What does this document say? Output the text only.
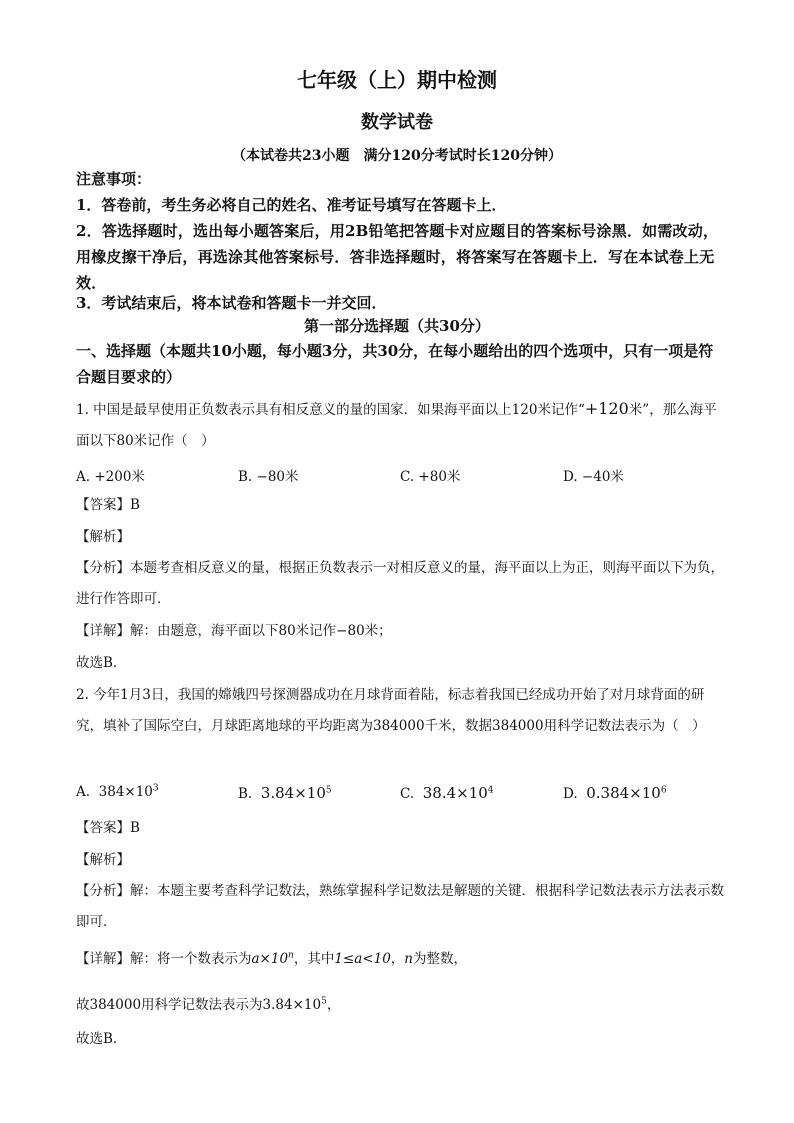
七年级（上）期中检测
数学试卷
（本试卷共23小题　满分120分考试时长120分钟）
注意事项：
1．答卷前，考生务必将自己的姓名、准考证号填写在答题卡上．
2．答选择题时，选出每小题答案后，用2B铅笔把答题卡对应题目的答案标号涂黑．如需改动，用橡皮擦干净后，再选涂其他答案标号．答非选择题时，将答案写在答题卡上．写在本试卷上无效．
3．考试结束后，将本试卷和答题卡一并交回．
第一部分选择题（共30分）
一、选择题（本题共10小题，每小题3分，共30分，在每小题给出的四个选项中，只有一项是符合题目要求的）
1. 中国是最早使用正负数表示具有相反意义的量的国家．如果海平面以上120米记作“+120米”，那么海平面以下80米记作（　）
A. +200米	B. −80米	C. +80米	D. −40米
【答案】B
【解析】
【分析】本题考查相反意义的量，根据正负数表示一对相反意义的量，海平面以上为正，则海平面以下为负，进行作答即可．
【详解】解：由题意，海平面以下80米记作−80米；
故选B．
2. 今年1月3日，我国的嫦娥四号探测器成功在月球背面着陆，标志着我国已经成功开始了对月球背面的研究，填补了国际空白，月球距离地球的平均距离为384000千米，数据384000用科学记数法表示为（　）
A. $384\times 10^3$	B. $3.84\times 10^5$	C. $38.4\times 10^4$	D. $0.384\times 10^6$
【答案】B
【解析】
【分析】解：本题主要考查科学记数法，熟练掌握科学记数法是解题的关键．根据科学记数法表示方法表示数即可．
【详解】解：将一个数表示为$a\times 10^n$，其中1≤a<10，n为整数，
故384000用科学记数法表示为$3.84\times 10^5$，
故选B．
